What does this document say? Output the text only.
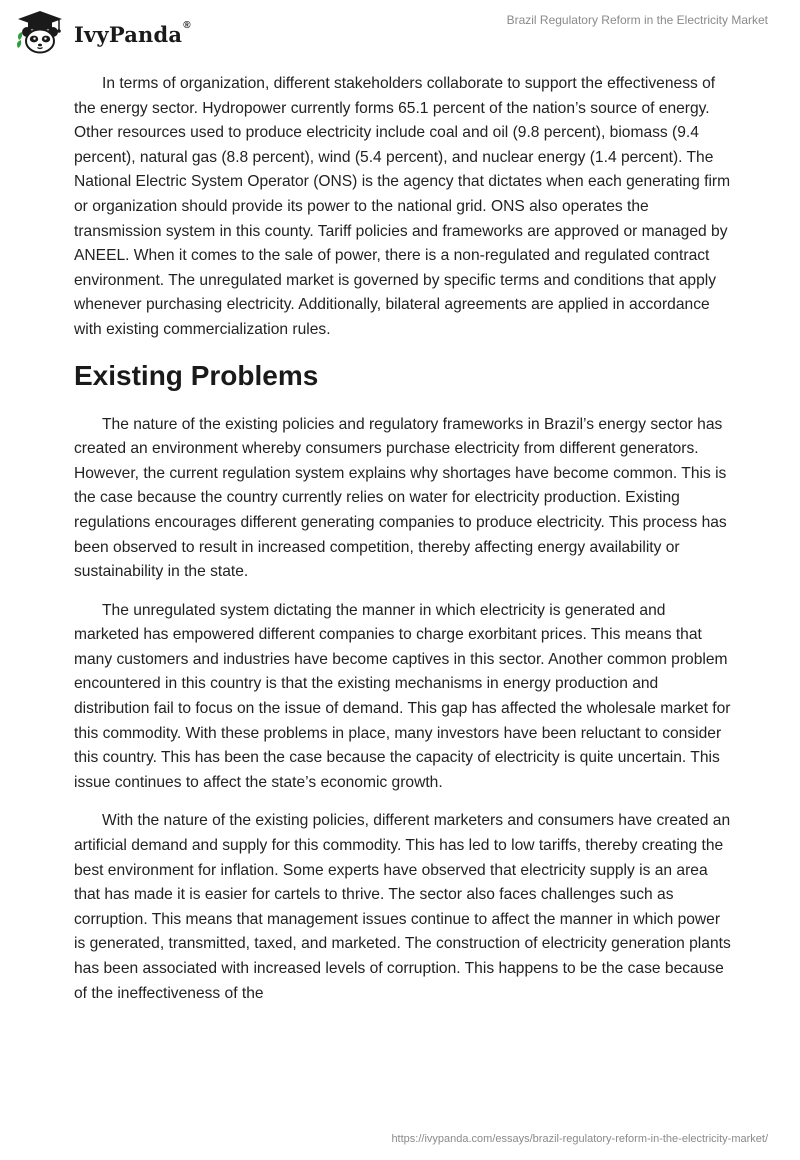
IvyPanda®	Brazil Regulatory Reform in the Electricity Market

In terms of organization, different stakeholders collaborate to support the effectiveness of the energy sector. Hydropower currently forms 65.1 percent of the nation’s source of energy. Other resources used to produce electricity include coal and oil (9.8 percent), biomass (9.4 percent), natural gas (8.8 percent), wind (5.4 percent), and nuclear energy (1.4 percent). The National Electric System Operator (ONS) is the agency that dictates when each generating firm or organization should provide its power to the national grid. ONS also operates the transmission system in this county. Tariff policies and frameworks are approved or managed by ANEEL. When it comes to the sale of power, there is a non-regulated and regulated contract environment. The unregulated market is governed by specific terms and conditions that apply whenever purchasing electricity. Additionally, bilateral agreements are applied in accordance with existing commercialization rules.

Existing Problems

The nature of the existing policies and regulatory frameworks in Brazil’s energy sector has created an environment whereby consumers purchase electricity from different generators. However, the current regulation system explains why shortages have become common. This is the case because the country currently relies on water for electricity production. Existing regulations encourages different generating companies to produce electricity. This process has been observed to result in increased competition, thereby affecting energy availability or sustainability in the state.

The unregulated system dictating the manner in which electricity is generated and marketed has empowered different companies to charge exorbitant prices. This means that many customers and industries have become captives in this sector. Another common problem encountered in this country is that the existing mechanisms in energy production and distribution fail to focus on the issue of demand. This gap has affected the wholesale market for this commodity. With these problems in place, many investors have been reluctant to consider this country. This has been the case because the capacity of electricity is quite uncertain. This issue continues to affect the state’s economic growth.

With the nature of the existing policies, different marketers and consumers have created an artificial demand and supply for this commodity. This has led to low tariffs, thereby creating the best environment for inflation. Some experts have observed that electricity supply is an area that has made it is easier for cartels to thrive. The sector also faces challenges such as corruption. This means that management issues continue to affect the manner in which power is generated, transmitted, taxed, and marketed. The construction of electricity generation plants has been associated with increased levels of corruption. This happens to be the case because of the ineffectiveness of the

https://ivypanda.com/essays/brazil-regulatory-reform-in-the-electricity-market/
